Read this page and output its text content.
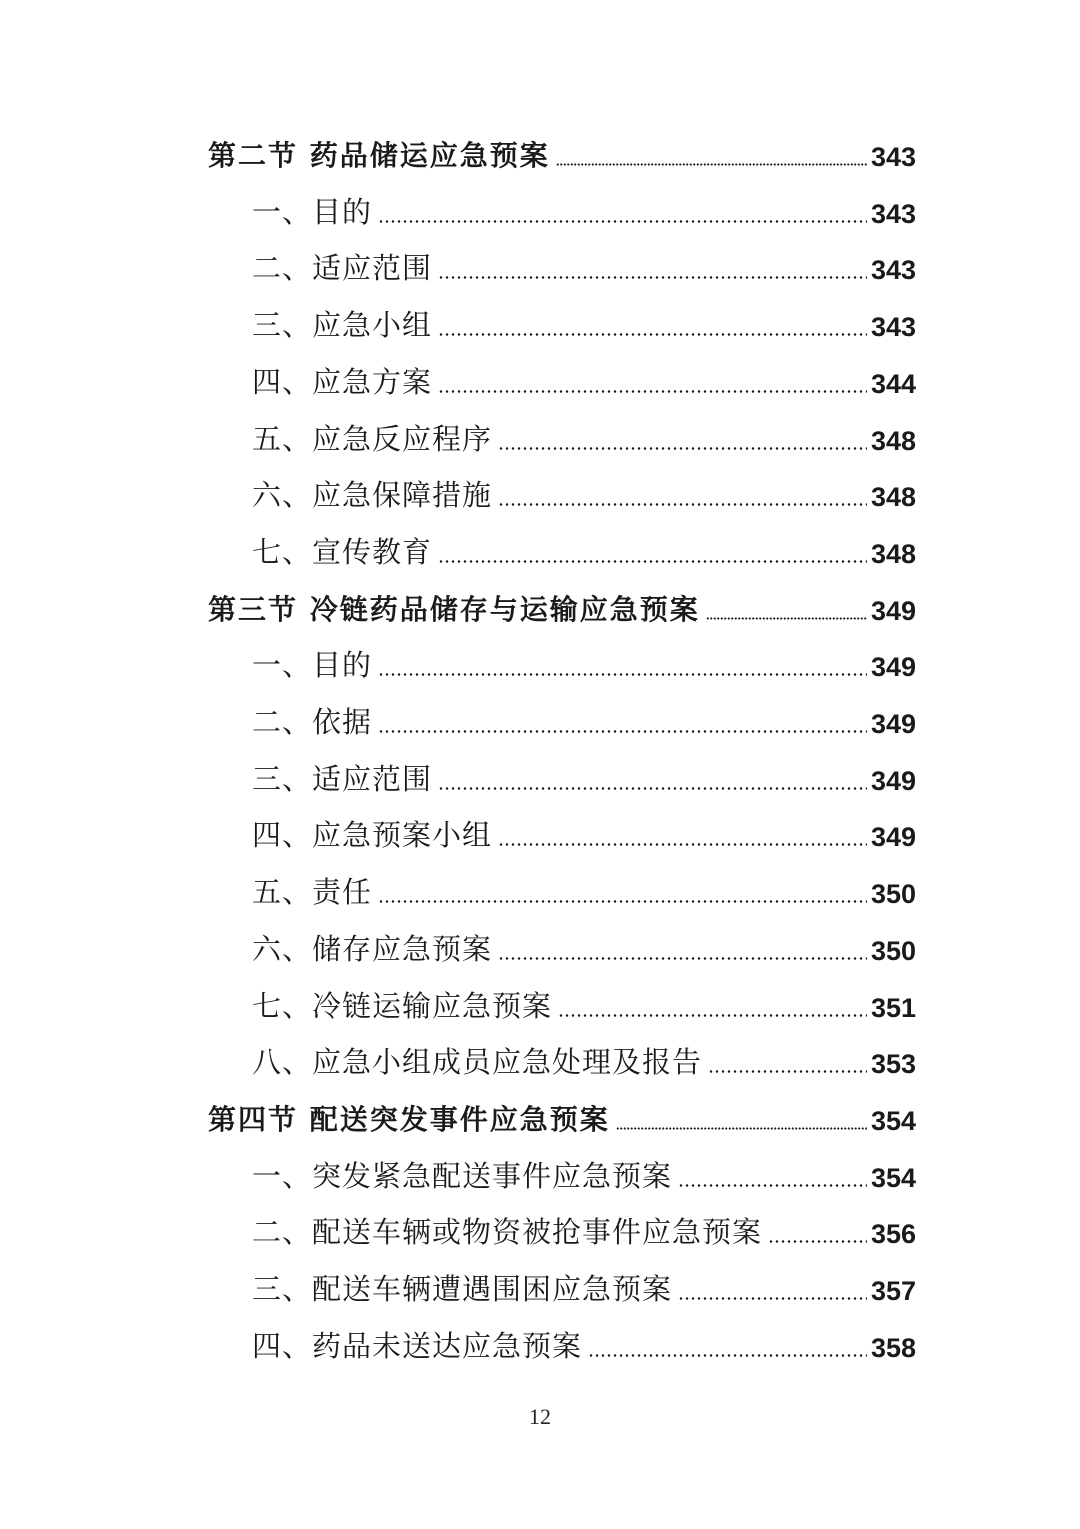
第二节 药品储运应急预案	343
一、目的	343
二、适应范围	343
三、应急小组	343
四、应急方案	344
五、应急反应程序	348
六、应急保障措施	348
七、宣传教育	348
第三节 冷链药品储存与运输应急预案	349
一、目的	349
二、依据	349
三、适应范围	349
四、应急预案小组	349
五、责任	350
六、储存应急预案	350
七、冷链运输应急预案	351
八、应急小组成员应急处理及报告	353
第四节 配送突发事件应急预案	354
一、突发紧急配送事件应急预案	354
二、配送车辆或物资被抢事件应急预案	356
三、配送车辆遭遇围困应急预案	357
四、药品未送达应急预案	358
12
